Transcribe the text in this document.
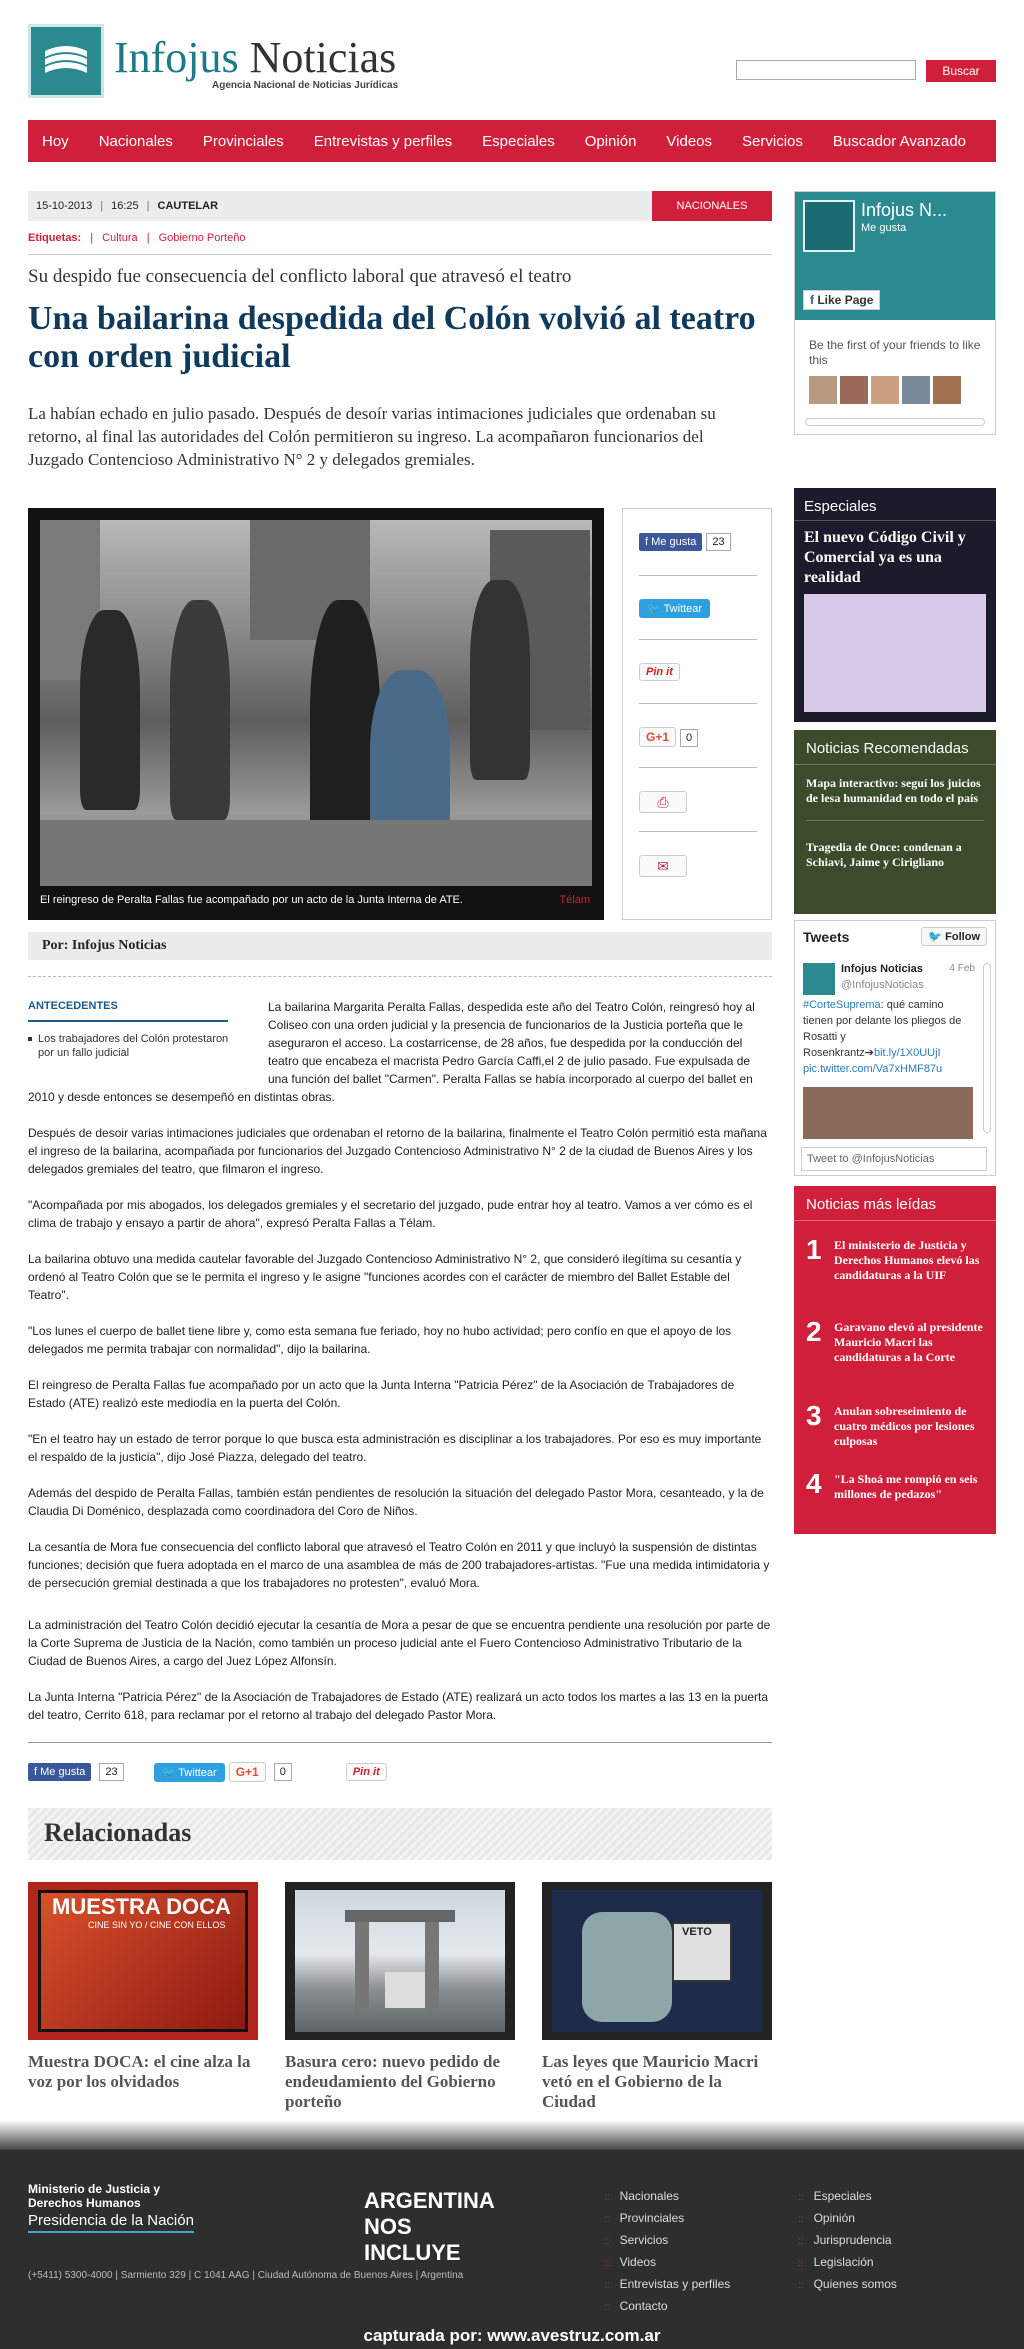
Infojus Noticias
Agencia Nacional de Noticias Jurídicas
Buscar
Hoy Nacionales Provinciales Entrevistas y perfiles Especiales Opinión Videos Servicios Buscador Avanzado
15-10-2013 | 16:25 | CAUTELAR	NACIONALES
Etiquetas: | Cultura | Gobierno Porteño
Su despido fue consecuencia del conflicto laboral que atravesó el teatro
Una bailarina despedida del Colón volvió al teatro con orden judicial

La habían echado en julio pasado. Después de desoír varias intimaciones judiciales que ordenaban su retorno, al final las autoridades del Colón permitieron su ingreso. La acompañaron funcionarios del Juzgado Contencioso Administrativo N° 2 y delegados gremiales.

El reingreso de Peralta Fallas fue acompañado por un acto de la Junta Interna de ATE.	Télam
f Me gusta 23
🐦 Twittear
Pin it
G+1 0
⎙
✉
Por: Infojus Noticias
ANTECEDENTES
Los trabajadores del Colón protestaron por un fallo judicial
La bailarina Margarita Peralta Fallas, despedida este año del Teatro Colón, reingresó hoy al Coliseo con una orden judicial y la presencia de funcionarios de la Justicia porteña que le aseguraron el acceso. La costarricense, de 28 años, fue despedida por la conducción del teatro que encabeza el macrista Pedro García Caffi,el 2 de julio pasado. Fue expulsada de una función del ballet "Carmen". Peralta Fallas se había incorporado al cuerpo del ballet en 2010 y desde entonces se desempeñó en distintas obras.

Después de desoir varias intimaciones judiciales que ordenaban el retorno de la bailarina, finalmente el Teatro Colón permitió esta mañana el ingreso de la bailarina, acompañada por funcionarios del Juzgado Contencioso Administrativo N° 2 de la ciudad de Buenos Aires y los delegados gremiales del teatro, que filmaron el ingreso.

"Acompañada por mis abogados, los delegados gremiales y el secretario del juzgado, pude entrar hoy al teatro. Vamos a ver cómo es el clima de trabajo y ensayo a partir de ahora", expresó Peralta Fallas a Télam.

La bailarina obtuvo una medida cautelar favorable del Juzgado Contencioso Administrativo N° 2, que consideró ilegítima su cesantía y ordenó al Teatro Colón que se le permita el ingreso y le asigne "funciones acordes con el carácter de miembro del Ballet Estable del Teatro".

"Los lunes el cuerpo de ballet tiene libre y, como esta semana fue feriado, hoy no hubo actividad; pero confío en que el apoyo de los delegados me permita trabajar con normalidad", dijo la bailarina.

El reingreso de Peralta Fallas fue acompañado por un acto que la Junta Interna "Patricia Pérez" de la Asociación de Trabajadores de Estado (ATE) realizó este mediodía en la puerta del Colón.

"En el teatro hay un estado de terror porque lo que busca esta administración es disciplinar a los trabajadores. Por eso es muy importante el respaldo de la justicia", dijo José Piazza, delegado del teatro.

Además del despido de Peralta Fallas, también están pendientes de resolución la situación del delegado Pastor Mora, cesanteado, y la de Claudia Di Doménico, desplazada como coordinadora del Coro de Niños.

La cesantía de Mora fue consecuencia del conflicto laboral que atravesó el Teatro Colón en 2011 y que incluyó la suspensión de distintas funciones; decisión que fuera adoptada en el marco de una asamblea de más de 200 trabajadores-artistas. "Fue una medida intimidatoria y de persecución gremial destinada a que los trabajadores no protesten", evaluó Mora.

La administración del Teatro Colón decidió ejecutar la cesantía de Mora a pesar de que se encuentra pendiente una resolución por parte de la Corte Suprema de Justicia de la Nación, como también un proceso judicial ante el Fuero Contencioso Administrativo Tributario de la Ciudad de Buenos Aires, a cargo del Juez López Alfonsín.

La Junta Interna "Patricia Pérez" de la Asociación de Trabajadores de Estado (ATE) realizará un acto todos los martes a las 13 en la puerta del teatro, Cerrito 618, para reclamar por el retorno al trabajo del delegado Pastor Mora.

f Me gusta	23	🐦 Twittear	G+1	0	Pin it
Relacionadas
MUESTRA DOCA
CINE SIN YO / CINE CON ELLOS
Muestra DOCA: el cine alza la voz por los olvidados
Basura cero: nuevo pedido de endeudamiento del Gobierno porteño
VETO
Las leyes que Mauricio Macri vetó en el Gobierno de la Ciudad
Infojus N...
Me gusta
f Like Page
Be the first of your friends to like this
Especiales
El nuevo Código Civil y Comercial ya es una realidad
Noticias Recomendadas
Mapa interactivo: seguí los juicios de lesa humanidad en todo el país
Tragedia de Once: condenan a Schiavi, Jaime y Cirigliano
Tweets	🐦 Follow
Infojus Noticias	4 Feb
@InfojusNoticias
#CorteSuprema: qué camino tienen por delante los pliegos de Rosatti y Rosenkrantz➔bit.ly/1X0UUjI
pic.twitter.com/Va7xHMF87u
Tweet to @InfojusNoticias
Noticias más leídas
1 El ministerio de Justicia y Derechos Humanos elevó las candidaturas a la UIF
2 Garavano elevó al presidente Mauricio Macri las candidaturas a la Corte
3 Anulan sobreseimiento de cuatro médicos por lesiones culposas
4 "La Shoá me rompió en seis millones de pedazos"
Ministerio de Justicia y Derechos Humanos
Presidencia de la Nación
ARGENTINA NOS INCLUYE
(+5411) 5300-4000 | Sarmiento 329 | C 1041 AAG | Ciudad Autónoma de Buenos Aires | Argentina
:: Nacionales
:: Provinciales
:: Servicios
:: Videos
:: Entrevistas y perfiles
:: Contacto
:: Especiales
:: Opinión
:: Jurisprudencia
:: Legislación
:: Quienes somos
capturada por: www.avestruz.com.ar
